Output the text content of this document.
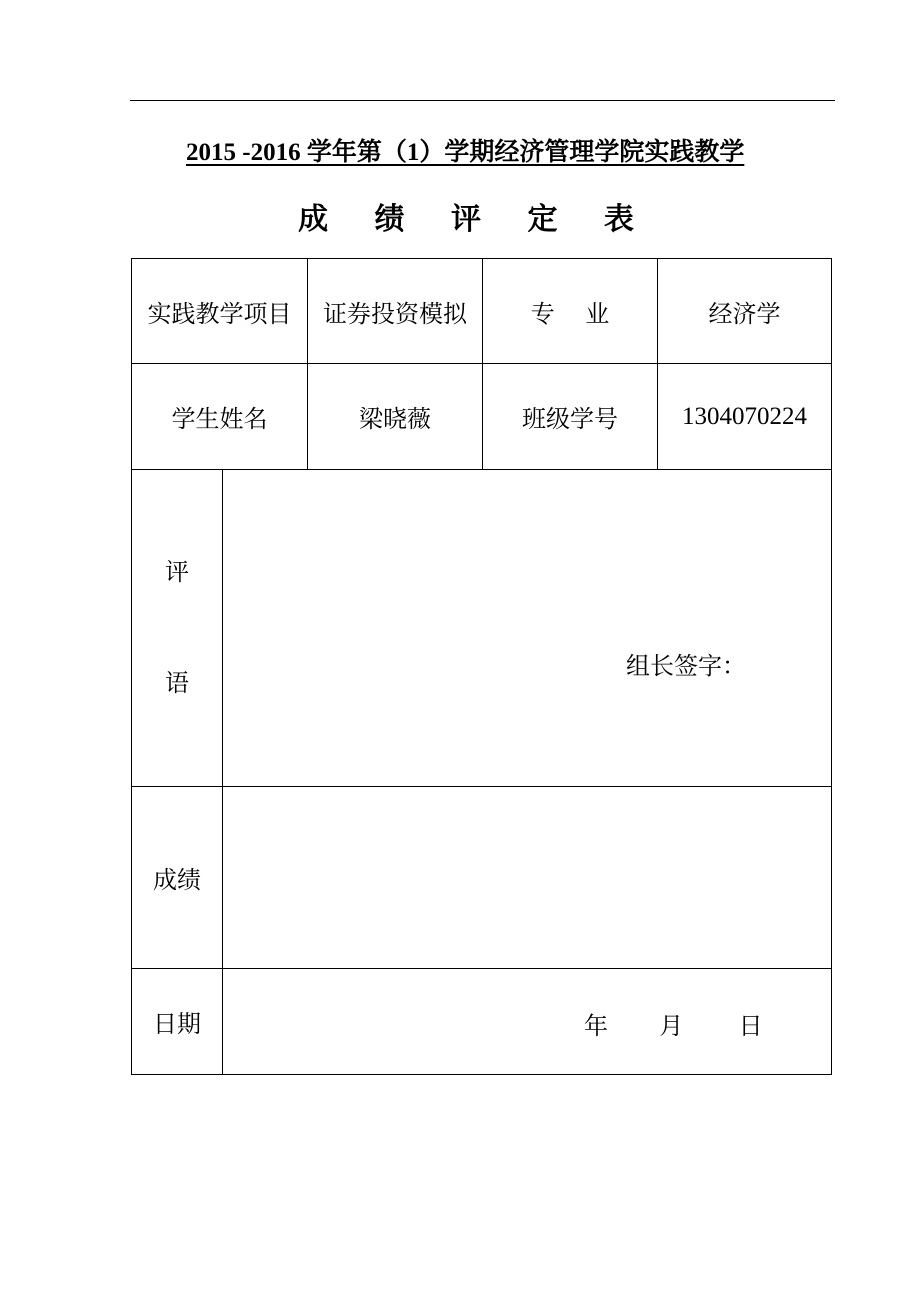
2015 -2016 学年第（1）学期经济管理学院实践教学
成 绩 评 定 表
实践教学项目 证券投资模拟	专    业	经济学
学生姓名	梁晓薇	班级学号	1304070224
评
语
组长签字：
成绩
日期	年 月 日
